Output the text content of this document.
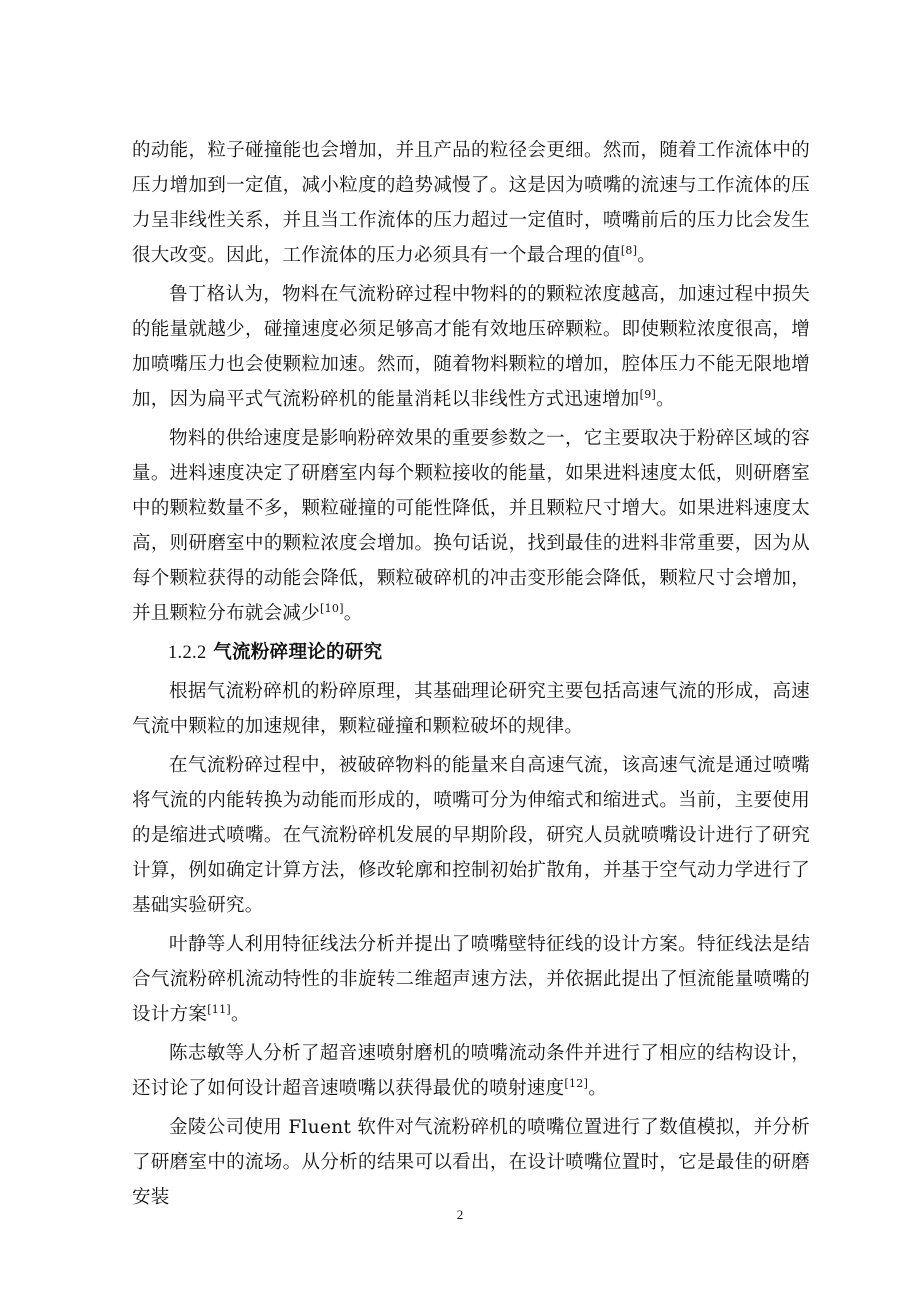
的动能，粒子碰撞能也会增加，并且产品的粒径会更细。然而，随着工作流体中的压力增加到一定值，减小粒度的趋势减慢了。这是因为喷嘴的流速与工作流体的压力呈非线性关系，并且当工作流体的压力超过一定值时，喷嘴前后的压力比会发生很大改变。因此，工作流体的压力必须具有一个最合理的值[8]。

鲁丁格认为，物料在气流粉碎过程中物料的的颗粒浓度越高，加速过程中损失的能量就越少，碰撞速度必须足够高才能有效地压碎颗粒。即使颗粒浓度很高，增加喷嘴压力也会使颗粒加速。然而，随着物料颗粒的增加，腔体压力不能无限地增加，因为扁平式气流粉碎机的能量消耗以非线性方式迅速增加[9]。

物料的供给速度是影响粉碎效果的重要参数之一，它主要取决于粉碎区域的容量。进料速度决定了研磨室内每个颗粒接收的能量，如果进料速度太低，则研磨室中的颗粒数量不多，颗粒碰撞的可能性降低，并且颗粒尺寸增大。如果进料速度太高，则研磨室中的颗粒浓度会增加。换句话说，找到最佳的进料非常重要，因为从每个颗粒获得的动能会降低，颗粒破碎机的冲击变形能会降低，颗粒尺寸会增加，并且颗粒分布就会减少[10]。

1.2.2 气流粉碎理论的研究

根据气流粉碎机的粉碎原理，其基础理论研究主要包括高速气流的形成，高速气流中颗粒的加速规律，颗粒碰撞和颗粒破坏的规律。

在气流粉碎过程中，被破碎物料的能量来自高速气流，该高速气流是通过喷嘴将气流的内能转换为动能而形成的，喷嘴可分为伸缩式和缩进式。当前，主要使用的是缩进式喷嘴。在气流粉碎机发展的早期阶段，研究人员就喷嘴设计进行了研究计算，例如确定计算方法，修改轮廓和控制初始扩散角，并基于空气动力学进行了基础实验研究。

叶静等人利用特征线法分析并提出了喷嘴壁特征线的设计方案。特征线法是结合气流粉碎机流动特性的非旋转二维超声速方法，并依据此提出了恒流能量喷嘴的设计方案[11]。

陈志敏等人分析了超音速喷射磨机的喷嘴流动条件并进行了相应的结构设计，还讨论了如何设计超音速喷嘴以获得最优的喷射速度[12]。

金陵公司使用 Fluent 软件对气流粉碎机的喷嘴位置进行了数值模拟，并分析了研磨室中的流场。从分析的结果可以看出，在设计喷嘴位置时，它是最佳的研磨安装

2
